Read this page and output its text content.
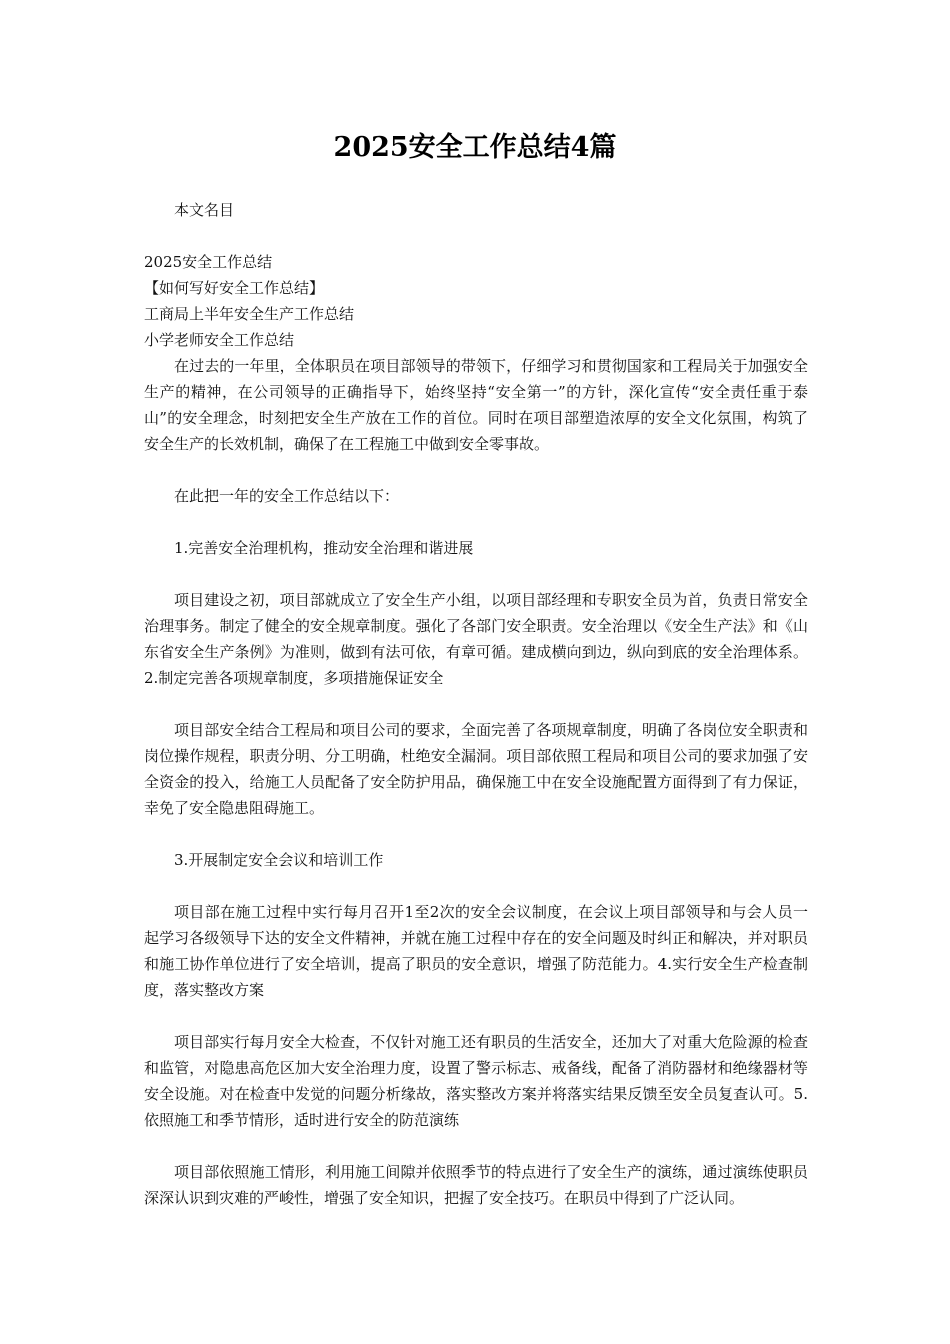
2025安全工作总结4篇

本文名目

2025安全工作总结

【如何写好安全工作总结】

工商局上半年安全生产工作总结

小学老师安全工作总结

在过去的一年里，全体职员在项目部领导的带领下，仔细学习和贯彻国家和工程局关于加强安全生产的精神，在公司领导的正确指导下，始终坚持“安全第一”的方针，深化宣传“安全责任重于泰山”的安全理念，时刻把安全生产放在工作的首位。同时在项目部塑造浓厚的安全文化氛围，构筑了安全生产的长效机制，确保了在工程施工中做到安全零事故。

在此把一年的安全工作总结以下：

1.完善安全治理机构，推动安全治理和谐进展

项目建设之初，项目部就成立了安全生产小组，以项目部经理和专职安全员为首，负责日常安全治理事务。制定了健全的安全规章制度。强化了各部门安全职责。安全治理以《安全生产法》和《山东省安全生产条例》为准则，做到有法可依，有章可循。建成横向到边，纵向到底的安全治理体系。2.制定完善各项规章制度，多项措施保证安全

项目部安全结合工程局和项目公司的要求，全面完善了各项规章制度，明确了各岗位安全职责和岗位操作规程，职责分明、分工明确，杜绝安全漏洞。项目部依照工程局和项目公司的要求加强了安全资金的投入，给施工人员配备了安全防护用品，确保施工中在安全设施配置方面得到了有力保证，幸免了安全隐患阻碍施工。

3.开展制定安全会议和培训工作

项目部在施工过程中实行每月召开1至2次的安全会议制度，在会议上项目部领导和与会人员一起学习各级领导下达的安全文件精神，并就在施工过程中存在的安全问题及时纠正和解决，并对职员和施工协作单位进行了安全培训，提高了职员的安全意识，增强了防范能力。4.实行安全生产检查制度，落实整改方案

项目部实行每月安全大检查，不仅针对施工还有职员的生活安全，还加大了对重大危险源的检查和监管，对隐患高危区加大安全治理力度，设置了警示标志、戒备线，配备了消防器材和绝缘器材等安全设施。对在检查中发觉的问题分析缘故，落实整改方案并将落实结果反馈至安全员复查认可。5.依照施工和季节情形，适时进行安全的防范演练

项目部依照施工情形，利用施工间隙并依照季节的特点进行了安全生产的演练，通过演练使职员深深认识到灾难的严峻性，增强了安全知识，把握了安全技巧。在职员中得到了广泛认同。
